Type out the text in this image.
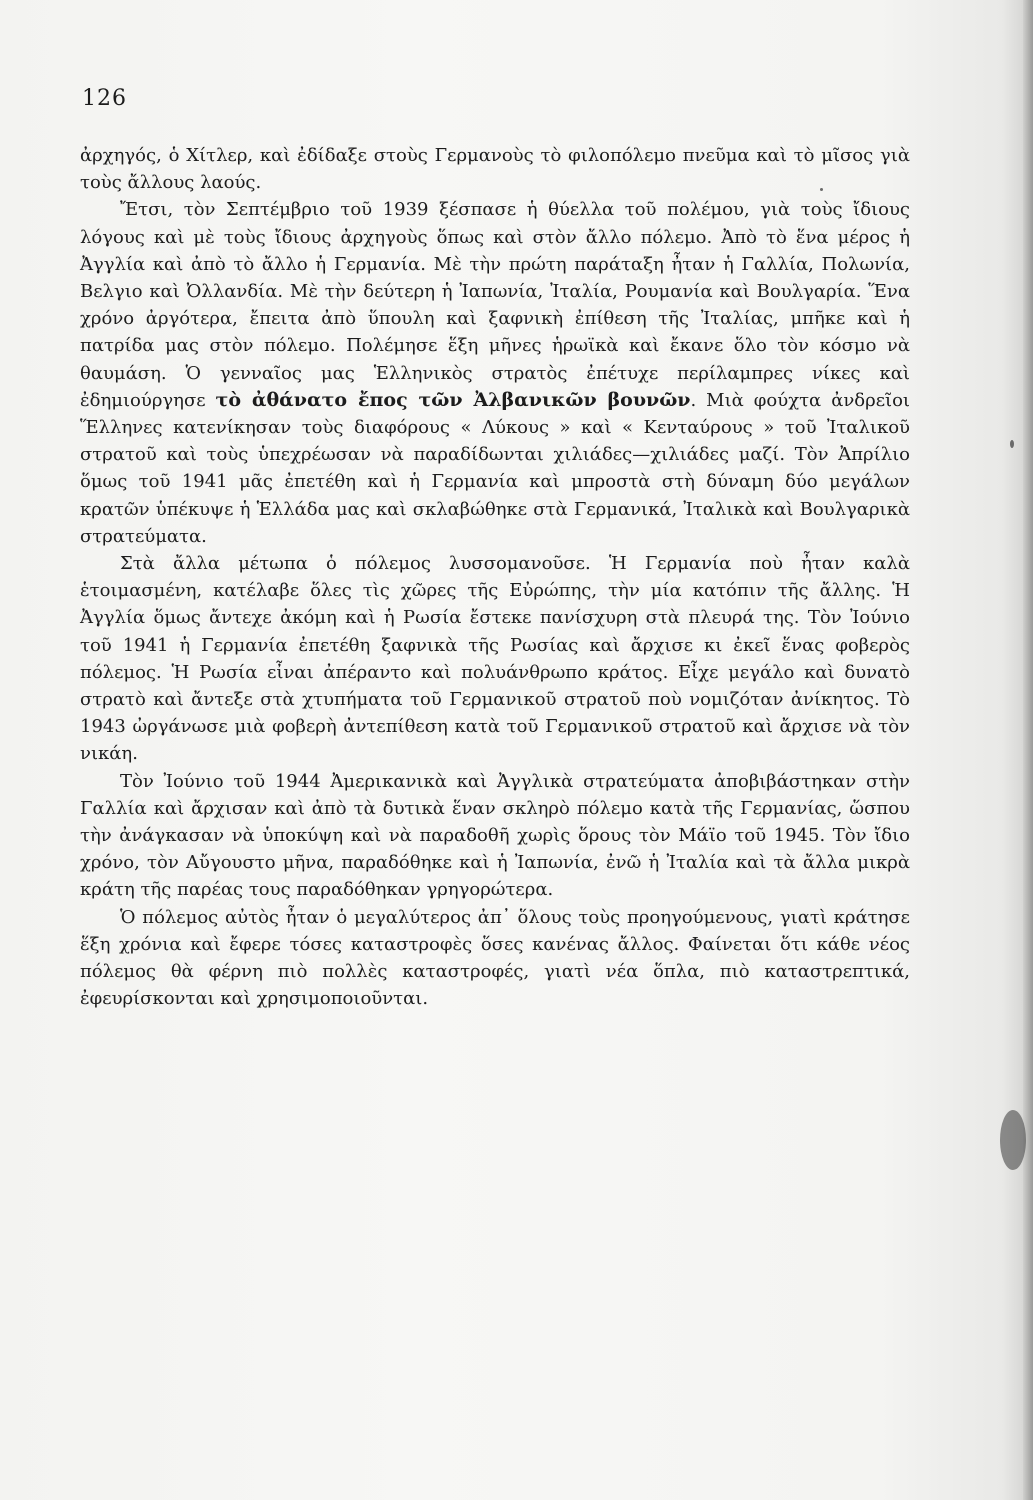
126

ἀρχηγός, ὁ Χίτλερ, καὶ ἐδίδαξε στοὺς Γερμανοὺς τὸ φιλοπόλεμο πνεῦμα καὶ τὸ μῖσος γιὰ τοὺς ἄλλους λαούς.

Ἔτσι, τὸν Σεπτέμβριο τοῦ 1939 ξέσπασε ἡ θύελλα τοῦ πολέμου, γιὰ τοὺς ἴδιους λόγους καὶ μὲ τοὺς ἴδιους ἀρχηγοὺς ὅπως καὶ στὸν ἄλλο πόλεμο. Ἀπὸ τὸ ἕνα μέρος ἡ Ἀγγλία καὶ ἀπὸ τὸ ἄλλο ἡ Γερμανία. Μὲ τὴν πρώτη παράταξη ἦταν ἡ Γαλλία, Πολωνία, Βελγιο καὶ Ὀλλανδία. Μὲ τὴν δεύτερη ἡ Ἰαπωνία, Ἰταλία, Ρουμανία καὶ Βουλγαρία. Ἕνα χρόνο ἀργότερα, ἔπειτα ἀπὸ ὕπουλη καὶ ξαφνικὴ ἐπίθεση τῆς Ἰταλίας, μπῆκε καὶ ἡ πατρίδα μας στὸν πόλεμο. Πολέμησε ἕξη μῆνες ἡρωϊκὰ καὶ ἔκανε ὅλο τὸν κόσμο νὰ θαυμάση. Ὁ γενναῖος μας Ἑλληνικὸς στρατὸς ἐπέτυχε περίλαμπρες νίκες καὶ ἐδημιούργησε τὸ ἀθάνατο ἔπος τῶν Ἀλβανικῶν βουνῶν. Μιὰ φούχτα ἀνδρεῖοι Ἕλληνες κατενίκησαν τοὺς διαφόρους « Λύκους » καὶ « Κενταύρους » τοῦ Ἰταλικοῦ στρατοῦ καὶ τοὺς ὑπεχρέωσαν νὰ παραδίδωνται χιλιάδες—χιλιάδες μαζί. Τὸν Ἀπρίλιο ὅμως τοῦ 1941 μᾶς ἐπετέθη καὶ ἡ Γερμανία καὶ μπροστὰ στὴ δύναμη δύο μεγάλων κρατῶν ὑπέκυψε ἡ Ἑλλάδα μας καὶ σκλαβώθηκε στὰ Γερμανικά, Ἰταλικὰ καὶ Βουλγαρικὰ στρατεύματα.

Στὰ ἄλλα μέτωπα ὁ πόλεμος λυσσομανοῦσε. Ἡ Γερμανία ποὺ ἦταν καλὰ ἑτοιμασμένη, κατέλαβε ὅλες τὶς χῶρες τῆς Εὐρώπης, τὴν μία κατόπιν τῆς ἄλλης. Ἡ Ἀγγλία ὅμως ἄντεχε ἀκόμη καὶ ἡ Ρωσία ἔστεκε πανίσχυρη στὰ πλευρά της. Τὸν Ἰούνιο τοῦ 1941 ἡ Γερμανία ἐπετέθη ξαφνικὰ τῆς Ρωσίας καὶ ἄρχισε κι ἐκεῖ ἕνας φοβερὸς πόλεμος. Ἡ Ρωσία εἶναι ἀπέραντο καὶ πολυάνθρωπο κράτος. Εἶχε μεγάλο καὶ δυνατὸ στρατὸ καὶ ἄντεξε στὰ χτυπήματα τοῦ Γερμανικοῦ στρατοῦ ποὺ νομιζόταν ἀνίκητος. Τὸ 1943 ὠργάνωσε μιὰ φοβερὴ ἀντεπίθεση κατὰ τοῦ Γερμανικοῦ στρατοῦ καὶ ἄρχισε νὰ τὸν νικάη.

Τὸν Ἰούνιο τοῦ 1944 Ἀμερικανικὰ καὶ Ἀγγλικὰ στρατεύματα ἀποβιβάστηκαν στὴν Γαλλία καὶ ἄρχισαν καὶ ἀπὸ τὰ δυτικὰ ἕναν σκληρὸ πόλεμο κατὰ τῆς Γερμανίας, ὥσπου τὴν ἀνάγκασαν νὰ ὑποκύψη καὶ νὰ παραδοθῆ χωρὶς ὅρους τὸν Μάϊο τοῦ 1945. Τὸν ἴδιο χρόνο, τὸν Αὔγουστο μῆνα, παραδόθηκε καὶ ἡ Ἰαπωνία, ἐνῶ ἡ Ἰταλία καὶ τὰ ἄλλα μικρὰ κράτη τῆς παρέας τους παραδόθηκαν γρηγορώτερα.

Ὁ πόλεμος αὐτὸς ἦταν ὁ μεγαλύτερος ἀπ᾿ ὅλους τοὺς προηγούμενους, γιατὶ κράτησε ἕξη χρόνια καὶ ἔφερε τόσες καταστροφὲς ὅσες κανένας ἄλλος. Φαίνεται ὅτι κάθε νέος πόλεμος θὰ φέρνη πιὸ πολλὲς καταστροφές, γιατὶ νέα ὅπλα, πιὸ καταστρεπτικά, ἐφευρίσκονται καὶ χρησιμοποιοῦνται.
